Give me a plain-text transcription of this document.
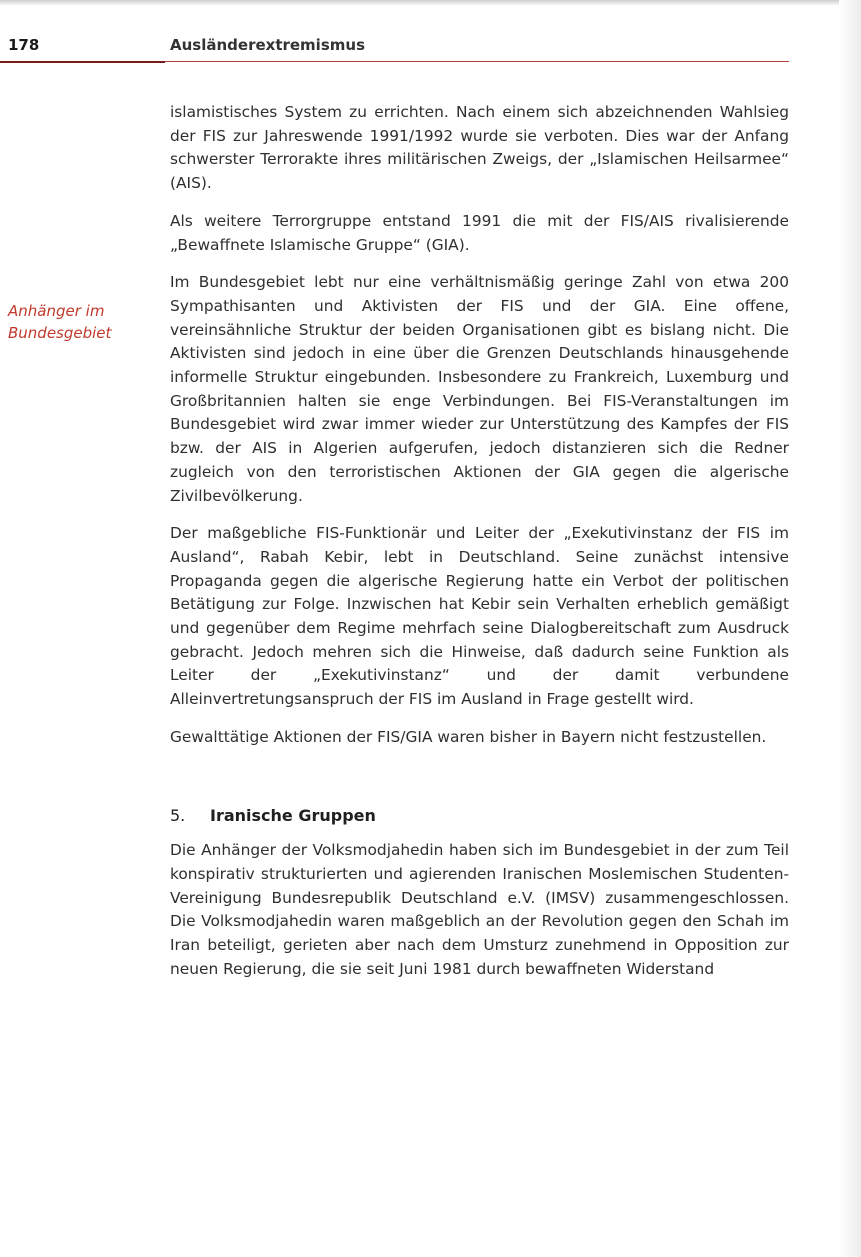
178	Ausländerextremismus
Anhänger im
Bundesgebiet

islamistisches System zu errichten. Nach einem sich abzeichnenden Wahlsieg der FIS zur Jahreswende 1991/1992 wurde sie verboten. Dies war der Anfang schwerster Terrorakte ihres militärischen Zweigs, der „Islamischen Heilsarmee“ (AIS).

Als weitere Terrorgruppe entstand 1991 die mit der FIS/AIS rivalisierende „Bewaffnete Islamische Gruppe“ (GIA).

Im Bundesgebiet lebt nur eine verhältnismäßig geringe Zahl von etwa 200 Sympathisanten und Aktivisten der FIS und der GIA. Eine offene, vereinsähnliche Struktur der beiden Organisationen gibt es bislang nicht. Die Aktivisten sind jedoch in eine über die Grenzen Deutschlands hinausgehende informelle Struktur eingebunden. Insbesondere zu Frankreich, Luxemburg und Großbritannien halten sie enge Verbindungen. Bei FIS-Veranstaltungen im Bundesgebiet wird zwar immer wieder zur Unterstützung des Kampfes der FIS bzw. der AIS in Algerien aufgerufen, jedoch distanzieren sich die Redner zugleich von den terroristischen Aktionen der GIA gegen die algerische Zivilbevölkerung.

Der maßgebliche FIS-Funktionär und Leiter der „Exekutivinstanz der FIS im Ausland“, Rabah Kebir, lebt in Deutschland. Seine zunächst intensive Propaganda gegen die algerische Regierung hatte ein Verbot der politischen Betätigung zur Folge. Inzwischen hat Kebir sein Verhalten erheblich gemäßigt und gegenüber dem Regime mehrfach seine Dialogbereitschaft zum Ausdruck gebracht. Jedoch mehren sich die Hinweise, daß dadurch seine Funktion als Leiter der „Exekutivinstanz“ und der damit verbundene Alleinvertretungsanspruch der FIS im Ausland in Frage gestellt wird.

Gewalttätige Aktionen der FIS/GIA waren bisher in Bayern nicht festzustellen.

5. Iranische Gruppen

Die Anhänger der Volksmodjahedin haben sich im Bundesgebiet in der zum Teil konspirativ strukturierten und agierenden Iranischen Moslemischen Studenten-Vereinigung Bundesrepublik Deutschland e.V. (IMSV) zusammengeschlossen. Die Volksmodjahedin waren maßgeblich an der Revolution gegen den Schah im Iran beteiligt, gerieten aber nach dem Umsturz zunehmend in Opposition zur neuen Regierung, die sie seit Juni 1981 durch bewaffneten Widerstand
